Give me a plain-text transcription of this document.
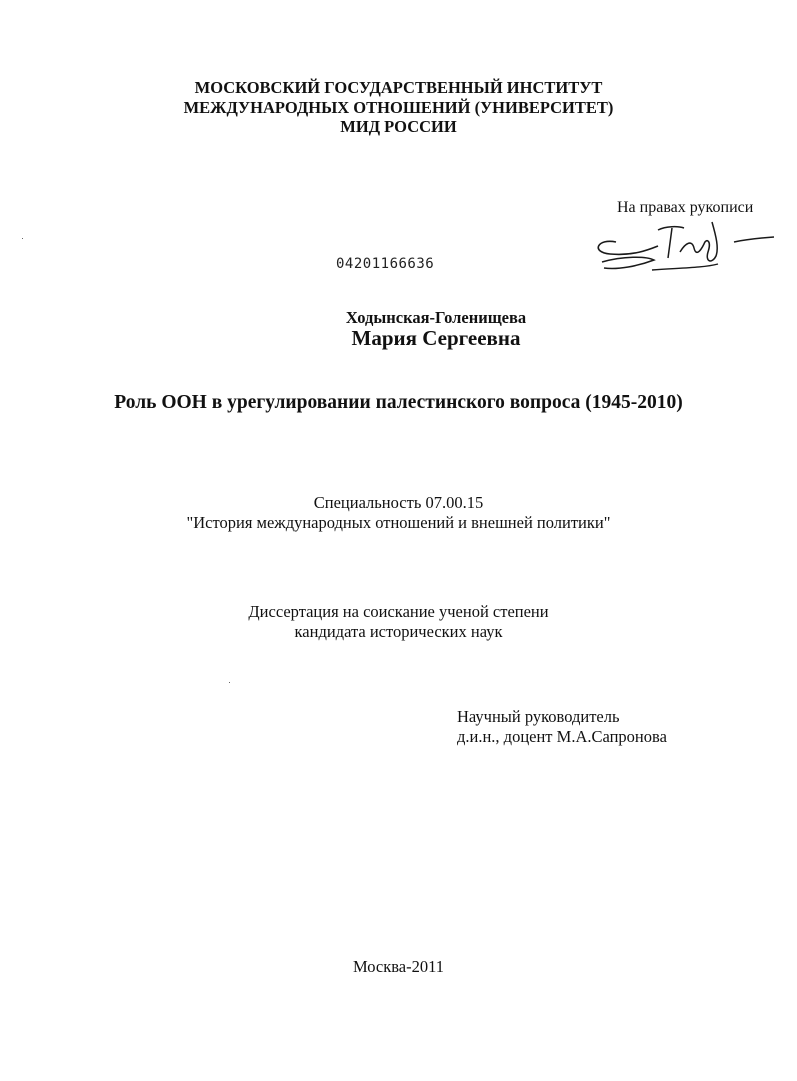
МОСКОВСКИЙ ГОСУДАРСТВЕННЫЙ ИНСТИТУТ
МЕЖДУНАРОДНЫХ ОТНОШЕНИЙ (УНИВЕРСИТЕТ)
МИД РОССИИ
На правах рукописи
04201166636
Ходынская-Голенищева
Мария Сергеевна
Роль ООН в урегулировании палестинского вопроса (1945-2010)
Специальность 07.00.15
"История международных отношений и внешней политики"
Диссертация на соискание ученой степени
кандидата исторических наук
Научный руководитель
д.и.н., доцент М.А.Сапронова
Москва-2011
